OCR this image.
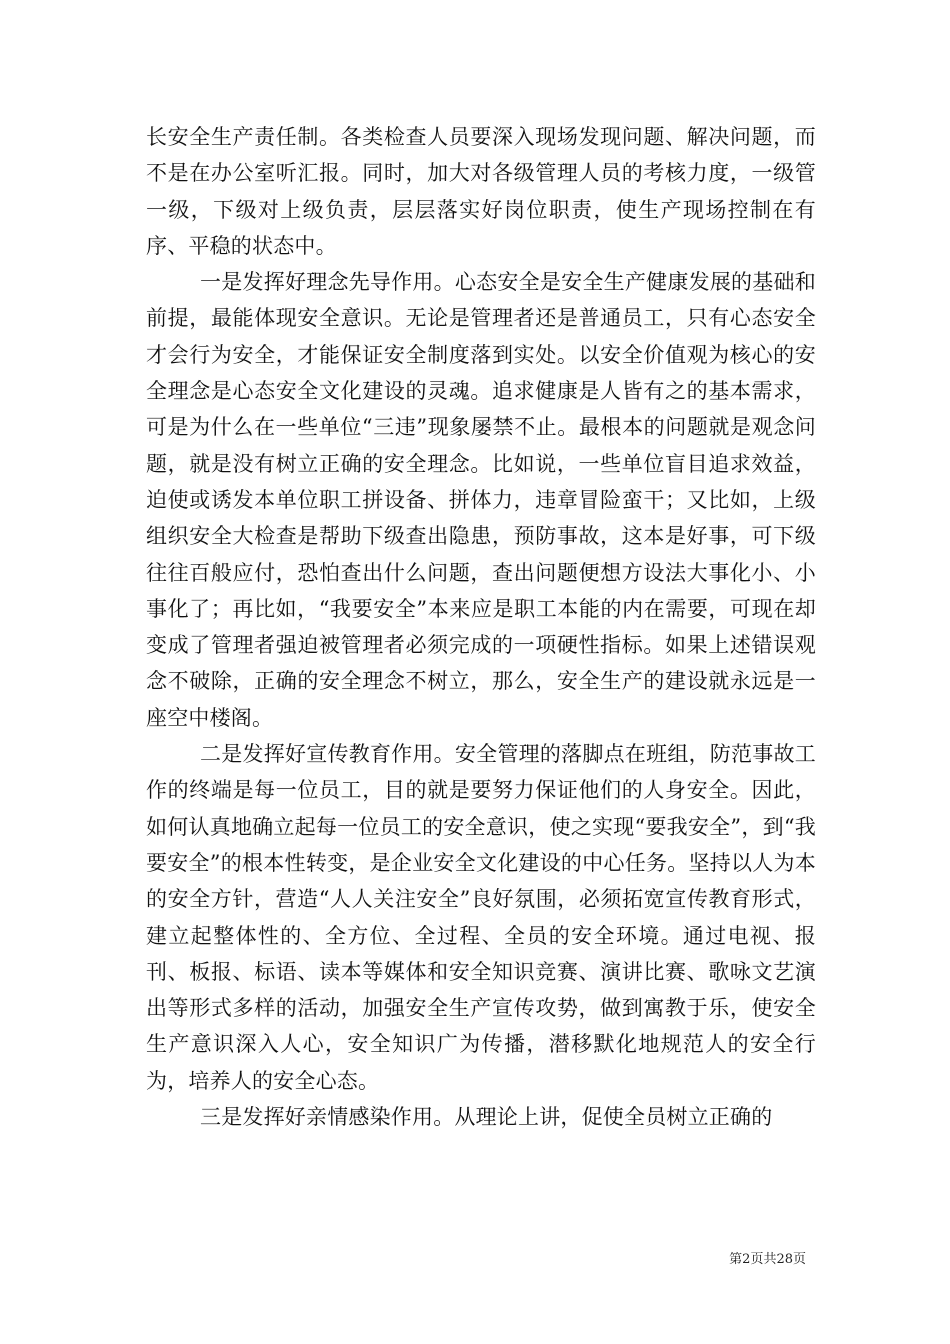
长安全生产责任制。各类检查人员要深入现场发现问题、解决问题，而不是在办公室听汇报。同时，加大对各级管理人员的考核力度，一级管一级，下级对上级负责，层层落实好岗位职责，使生产现场控制在有序、平稳的状态中。

一是发挥好理念先导作用。心态安全是安全生产健康发展的基础和前提，最能体现安全意识。无论是管理者还是普通员工，只有心态安全才会行为安全，才能保证安全制度落到实处。以安全价值观为核心的安全理念是心态安全文化建设的灵魂。追求健康是人皆有之的基本需求，可是为什么在一些单位“三违”现象屡禁不止。最根本的问题就是观念问题，就是没有树立正确的安全理念。比如说，一些单位盲目追求效益，迫使或诱发本单位职工拼设备、拼体力，违章冒险蛮干；又比如，上级组织安全大检查是帮助下级查出隐患，预防事故，这本是好事，可下级往往百般应付，恐怕查出什么问题，查出问题便想方设法大事化小、小事化了；再比如，“我要安全”本来应是职工本能的内在需要，可现在却变成了管理者强迫被管理者必须完成的一项硬性指标。如果上述错误观念不破除，正确的安全理念不树立，那么，安全生产的建设就永远是一座空中楼阁。

二是发挥好宣传教育作用。安全管理的落脚点在班组，防范事故工作的终端是每一位员工，目的就是要努力保证他们的人身安全。因此，如何认真地确立起每一位员工的安全意识，使之实现“要我安全”，到“我要安全”的根本性转变，是企业安全文化建设的中心任务。坚持以人为本的安全方针，营造“人人关注安全”良好氛围，必须拓宽宣传教育形式，建立起整体性的、全方位、全过程、全员的安全环境。通过电视、报刊、板报、标语、读本等媒体和安全知识竞赛、演讲比赛、歌咏文艺演出等形式多样的活动，加强安全生产宣传攻势，做到寓教于乐，使安全生产意识深入人心，安全知识广为传播，潜移默化地规范人的安全行为，培养人的安全心态。

三是发挥好亲情感染作用。从理论上讲，促使全员树立正确的

第2页共28页
